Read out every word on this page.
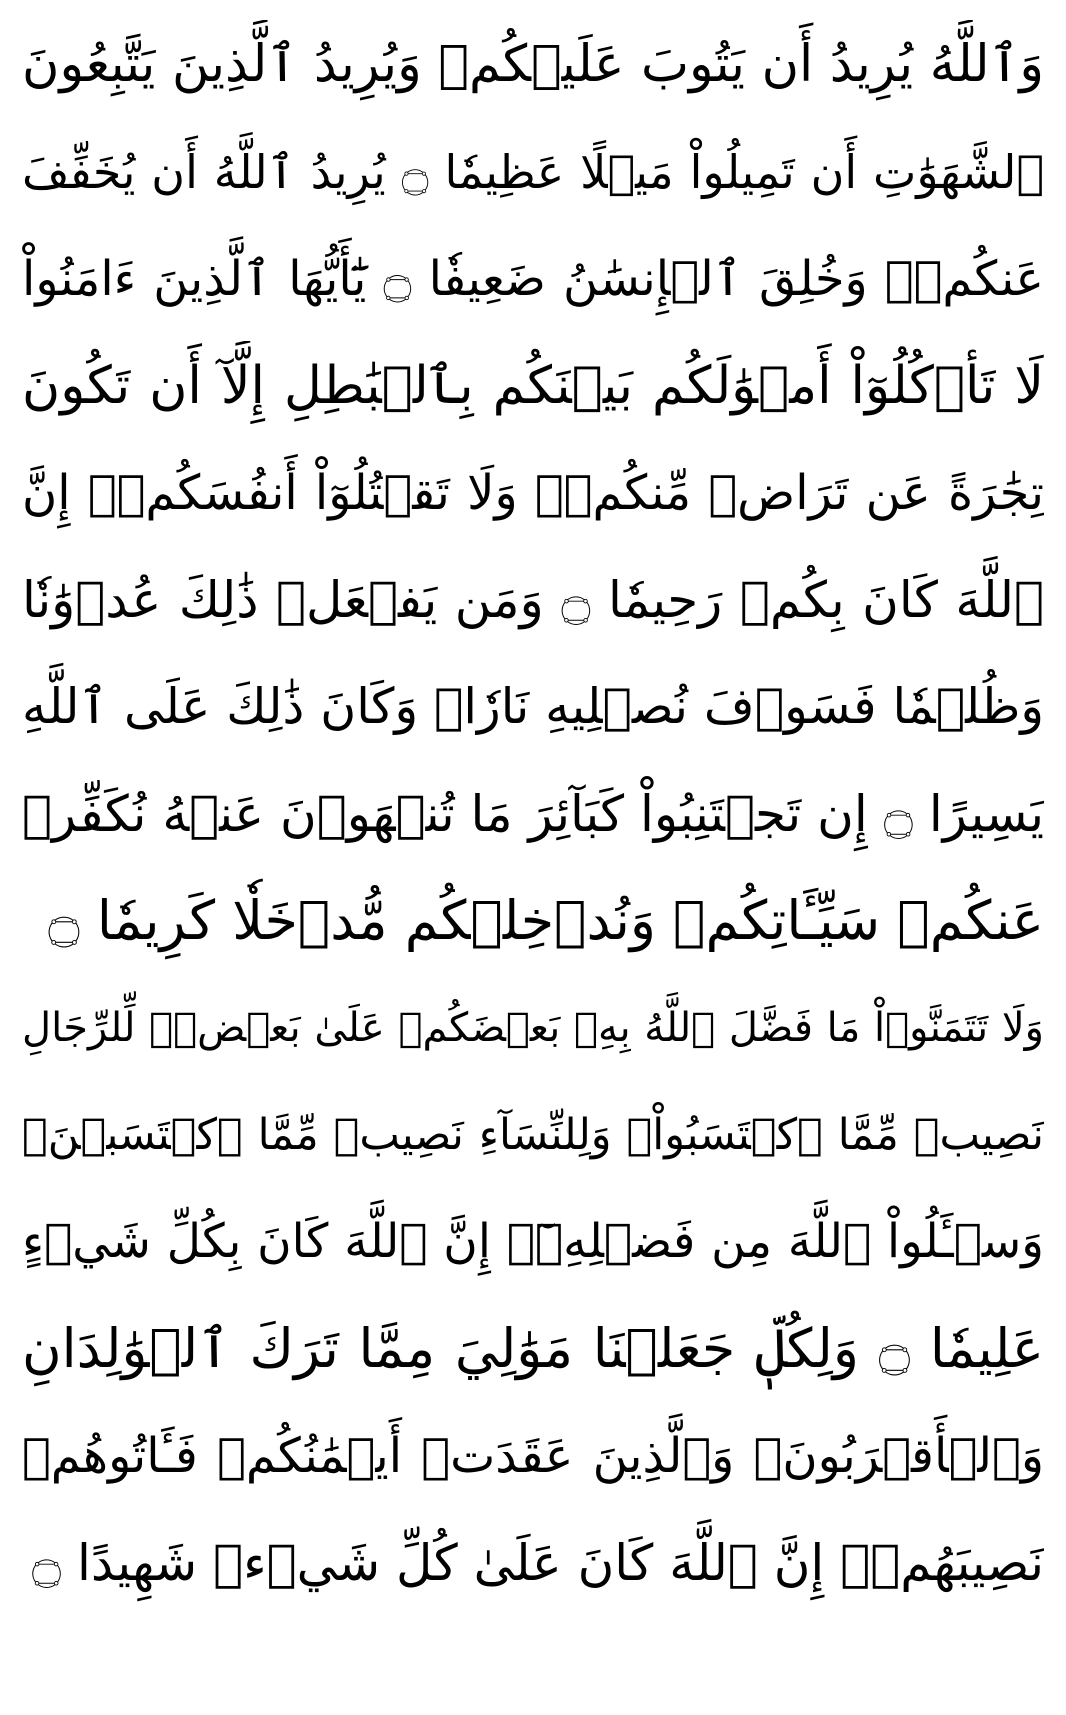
وَٱللَّهُ يُرِيدُ أَن يَتُوبَ عَلَيۡكُمۡ وَيُرِيدُ ٱلَّذِينَ يَتَّبِعُونَ
ٱلشَّهَوَٰتِ أَن تَمِيلُواْ مَيۡلًا عَظِيمٗا ۝ يُرِيدُ ٱللَّهُ أَن يُخَفِّفَ
عَنكُمۡۚ وَخُلِقَ ٱلۡإِنسَٰنُ ضَعِيفٗا ۝ يَٰٓأَيُّهَا ٱلَّذِينَ ءَامَنُواْ
لَا تَأۡكُلُوٓاْ أَمۡوَٰلَكُم بَيۡنَكُم بِٱلۡبَٰطِلِ إِلَّآ أَن تَكُونَ
تِجَٰرَةً عَن تَرَاضٖ مِّنكُمۡۚ وَلَا تَقۡتُلُوٓاْ أَنفُسَكُمۡۚ إِنَّ
ٱللَّهَ كَانَ بِكُمۡ رَحِيمٗا ۝ وَمَن يَفۡعَلۡ ذَٰلِكَ عُدۡوَٰنٗا
وَظُلۡمٗا فَسَوۡفَ نُصۡلِيهِ نَارٗاۚ وَكَانَ ذَٰلِكَ عَلَى ٱللَّهِ
يَسِيرًا ۝ إِن تَجۡتَنِبُواْ كَبَآئِرَ مَا تُنۡهَوۡنَ عَنۡهُ نُكَفِّرۡ
عَنكُمۡ سَيِّـَٔاتِكُمۡ وَنُدۡخِلۡكُم مُّدۡخَلٗا كَرِيمٗا ۝
وَلَا تَتَمَنَّوۡاْ مَا فَضَّلَ ٱللَّهُ بِهِۦ بَعۡضَكُمۡ عَلَىٰ بَعۡضٖۚ لِّلرِّجَالِ
نَصِيبٞ مِّمَّا ٱكۡتَسَبُواْۖ وَلِلنِّسَآءِ نَصِيبٞ مِّمَّا ٱكۡتَسَبۡنَۚ
وَسۡـَٔلُواْ ٱللَّهَ مِن فَضۡلِهِۦٓۚ إِنَّ ٱللَّهَ كَانَ بِكُلِّ شَيۡءٍ
عَلِيمٗا ۝ وَلِكُلّٖ جَعَلۡنَا مَوَٰلِيَ مِمَّا تَرَكَ ٱلۡوَٰلِدَانِ
وَٱلۡأَقۡرَبُونَۚ وَٱلَّذِينَ عَقَدَتۡ أَيۡمَٰنُكُمۡ فَـَٔاتُوهُمۡ
نَصِيبَهُمۡۚ إِنَّ ٱللَّهَ كَانَ عَلَىٰ كُلِّ شَيۡءٖ شَهِيدًا ۝
